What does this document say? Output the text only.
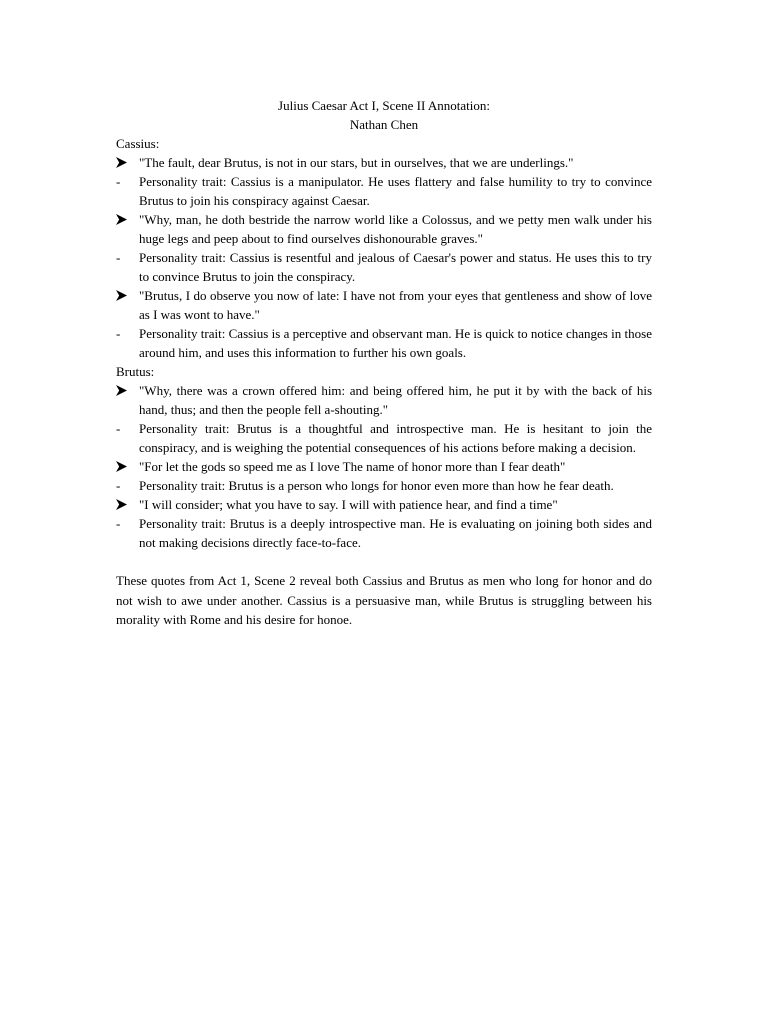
Julius Caesar Act I, Scene II Annotation:
Nathan Chen
Cassius:
"The fault, dear Brutus, is not in our stars, but in ourselves, that we are underlings."
-	Personality trait: Cassius is a manipulator. He uses flattery and false humility to try to convince Brutus to join his conspiracy against Caesar.
"Why, man, he doth bestride the narrow world like a Colossus, and we petty men walk under his huge legs and peep about to find ourselves dishonourable graves."
-	Personality trait: Cassius is resentful and jealous of Caesar's power and status. He uses this to try to convince Brutus to join the conspiracy.
"Brutus, I do observe you now of late: I have not from your eyes that gentleness and show of love as I was wont to have."
-	Personality trait: Cassius is a perceptive and observant man. He is quick to notice changes in those around him, and uses this information to further his own goals.
Brutus:
"Why, there was a crown offered him: and being offered him, he put it by with the back of his hand, thus; and then the people fell a-shouting."
-	Personality trait: Brutus is a thoughtful and introspective man. He is hesitant to join the conspiracy, and is weighing the potential consequences of his actions before making a decision.
"For let the gods so speed me as I love The name of honor more than I fear death"
-	Personality trait: Brutus is a person who longs for honor even more than how he fear death.
"I will consider; what you have to say. I will with patience hear, and find a time"
-	Personality trait: Brutus is a deeply introspective man. He is evaluating on joining both sides and not making decisions directly face-to-face.
These quotes from Act 1, Scene 2 reveal both Cassius and Brutus as men who long for honor and do not wish to awe under another. Cassius is a persuasive man, while Brutus is struggling between his morality with Rome and his desire for honoe.
